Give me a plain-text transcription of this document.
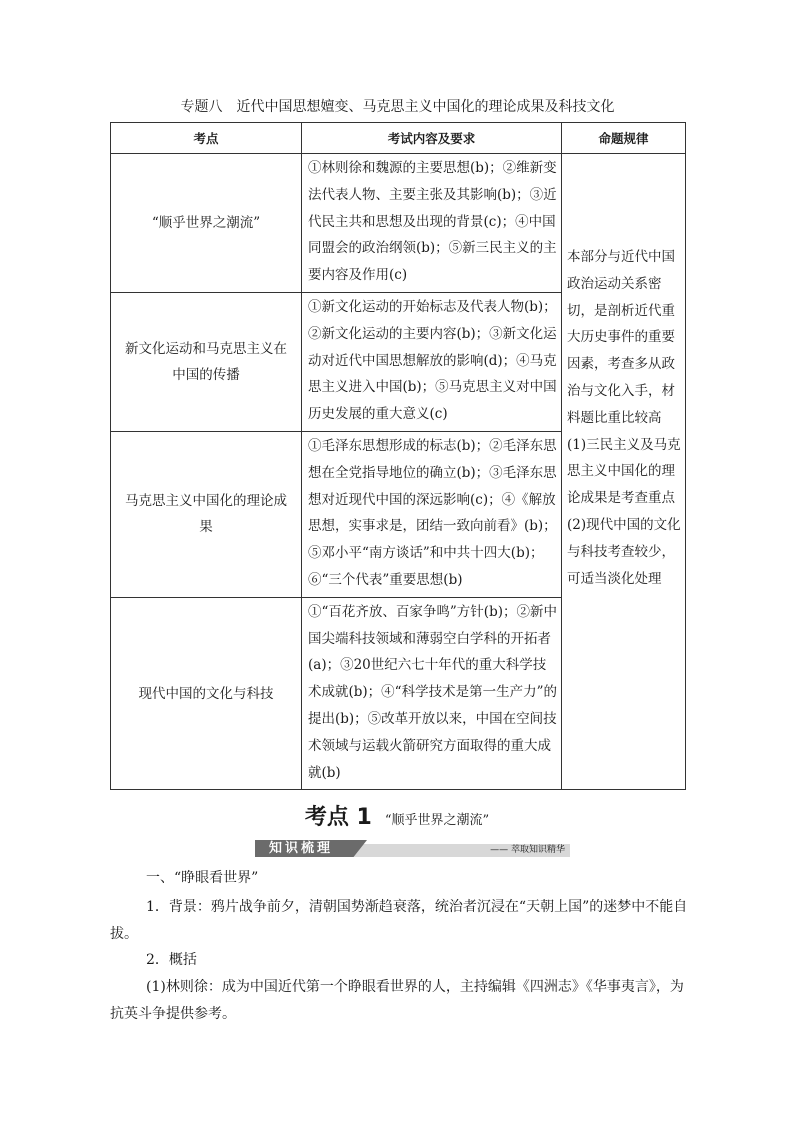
专题八　近代中国思想嬗变、马克思主义中国化的理论成果及科技文化
考点	考试内容及要求	命题规律
“顺乎世界之潮流”	①林则徐和魏源的主要思想(b)；②维新变法代表人物、主要主张及其影响(b)；③近代民主共和思想及出现的背景(c)；④中国同盟会的政治纲领(b)；⑤新三民主义的主要内容及作用(c)	本部分与近代中国政治运动关系密切，是剖析近代重大历史事件的重要因素，考查多从政治与文化入手，材料题比重比较高
(1)三民主义及马克思主义中国化的理论成果是考查重点
(2)现代中国的文化与科技考查较少，可适当淡化处理

新文化运动和马克思主义在中国的传播	①新文化运动的开始标志及代表人物(b)；②新文化运动的主要内容(b)；③新文化运动对近代中国思想解放的影响(d)；④马克思主义进入中国(b)；⑤马克思主义对中国历史发展的重大意义(c)	
马克思主义中国化的理论成果	①毛泽东思想形成的标志(b)；②毛泽东思想在全党指导地位的确立(b)；③毛泽东思想对近现代中国的深远影响(c)；④《解放思想，实事求是，团结一致向前看》(b)；⑤邓小平“南方谈话”和中共十四大(b)；⑥“三个代表”重要思想(b)	
现代中国的文化与科技	①“百花齐放、百家争鸣”方针(b)；②新中国尖端科技领域和薄弱空白学科的开拓者(a)；③20世纪六七十年代的重大科学技术成就(b)；④“科学技术是第一生产力”的提出(b)；⑤改革开放以来，中国在空间技术领域与运载火箭研究方面取得的重大成就(b)	
考点 1 “顺乎世界之潮流”
知识梳理	—— 萃取知识精华
一、“睁眼看世界”
1．背景：鸦片战争前夕，清朝国势渐趋衰落，统治者沉浸在“天朝上国”的迷梦中不能自拔。
2．概括
(1)林则徐：成为中国近代第一个睁眼看世界的人，主持编辑《四洲志》《华事夷言》，为抗英斗争提供参考。
